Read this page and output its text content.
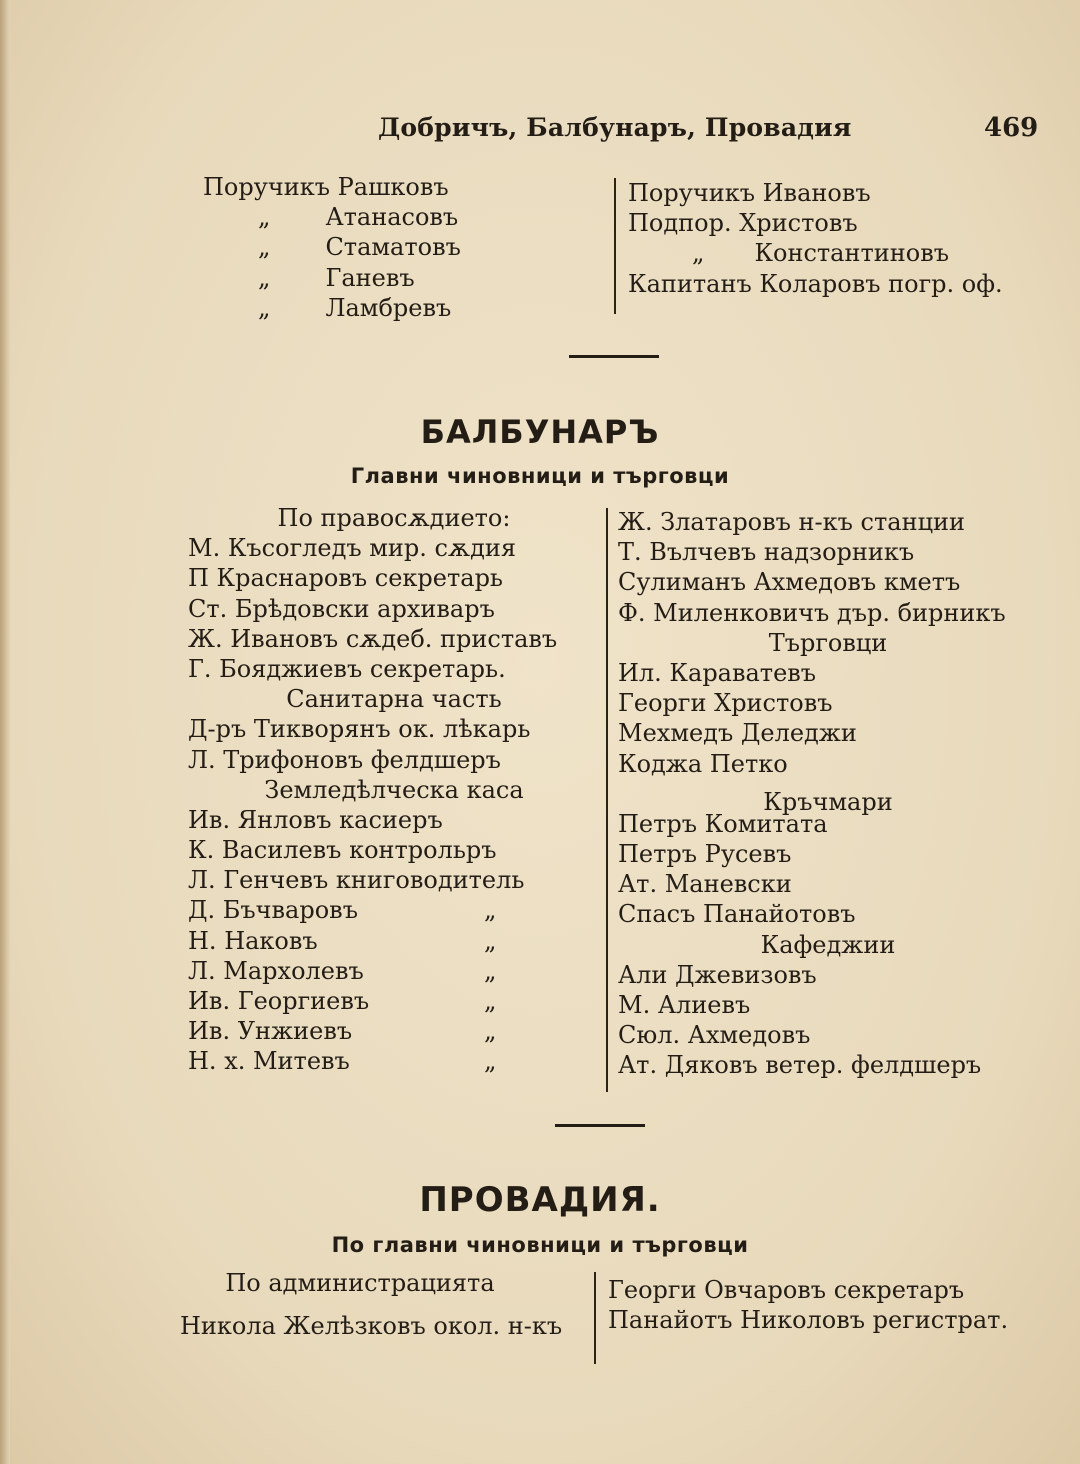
Добричъ, Балбунаръ, Провадия	469
Поручикъ Рашковъ
„ Атанасовъ
„ Стаматовъ
„ Ганевъ
„ Ламбревъ
Поручикъ Ивановъ
Подпор. Христовъ
„ Константиновъ
Капитанъ Коларовъ погр. оф.
БАЛБУНАРЪ
Главни чиновници и търговци
По правосѫдието:
М. Късогледъ мир. сѫдия
П Краснаровъ секретарь
Ст. Брѣдовски архиваръ
Ж. Ивановъ сѫдеб. приставъ
Г. Бояджиевъ секретарь.
Санитарна часть
Д-ръ Тикворянъ ок. лѣкарь
Л. Трифоновъ фелдшеръ
Земледѣлческа каса
Ив. Янловъ касиеръ
К. Василевъ контрольръ
Л. Генчевъ книговодитель
Д. Бъчваровъ	„
Н. Наковъ	„
Л. Мархолевъ	„
Ив. Георгиевъ	„
Ив. Унжиевъ	„
Н. х. Митевъ	„
Ж. Златаровъ н-къ станции
Т. Вълчевъ надзорникъ
Сулиманъ Ахмедовъ кметъ
Ф. Миленковичъ дър. бирникъ
Търговци
Ил. Караватевъ
Георги Христовъ
Мехмедъ Деледжи
Коджа Петко
Кръчмари
Петръ Комитата
Петръ Русевъ
Ат. Маневски
Спасъ Панайотовъ
Кафеджии
Али Джевизовъ
М. Алиевъ
Сюл. Ахмедовъ
Ат. Дяковъ ветер. фелдшеръ
ПРОВАДИЯ.
По главни чиновници и търговци
По администрацията
Никола Желѣзковъ окол. н-къ
Георги Овчаровъ секретаръ
Панайотъ Николовъ регистрат.
